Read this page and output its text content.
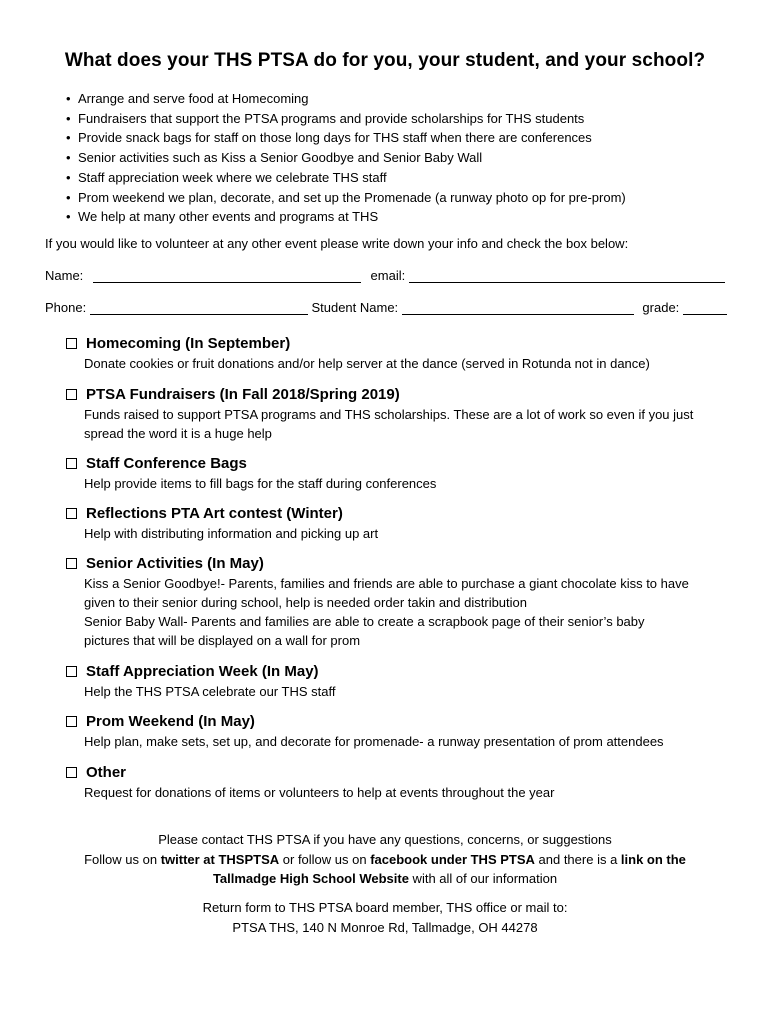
What does your THS PTSA do for you, your student, and your school?
• Arrange and serve food at Homecoming
• Fundraisers that support the PTSA programs and provide scholarships for THS students
• Provide snack bags for staff on those long days for THS staff when there are conferences
• Senior activities such as Kiss a Senior Goodbye and Senior Baby Wall
• Staff appreciation week where we celebrate THS staff
• Prom weekend we plan, decorate, and set up the Promenade (a runway photo op for pre-prom)
• We help at many other events and programs at THS
If you would like to volunteer at any other event please write down your info and check the box below:
Name:	email:
Phone:	Student Name:	grade:
Homecoming (In September)
Donate cookies or fruit donations and/or help server at the dance (served in Rotunda not in dance)
PTSA Fundraisers (In Fall 2018/Spring 2019)
Funds raised to support PTSA programs and THS scholarships. These are a lot of work so even if you just
spread the word it is a huge help
Staff Conference Bags
Help provide items to fill bags for the staff during conferences
Reflections PTA Art contest (Winter)
Help with distributing information and picking up art
Senior Activities (In May)
Kiss a Senior Goodbye!- Parents, families and friends are able to purchase a giant chocolate kiss to have
given to their senior during school, help is needed order takin and distribution
Senior Baby Wall- Parents and families are able to create a scrapbook page of their senior’s baby
pictures that will be displayed on a wall for prom
Staff Appreciation Week (In May)
Help the THS PTSA celebrate our THS staff
Prom Weekend (In May)
Help plan, make sets, set up, and decorate for promenade- a runway presentation of prom attendees
Other
Request for donations of items or volunteers to help at events throughout the year
Please contact THS PTSA if you have any questions, concerns, or suggestions
Follow us on twitter at THSPTSA or follow us on facebook under THS PTSA and there is a link on the
Tallmadge High School Website with all of our information
Return form to THS PTSA board member, THS office or mail to:
PTSA THS, 140 N Monroe Rd, Tallmadge, OH 44278
